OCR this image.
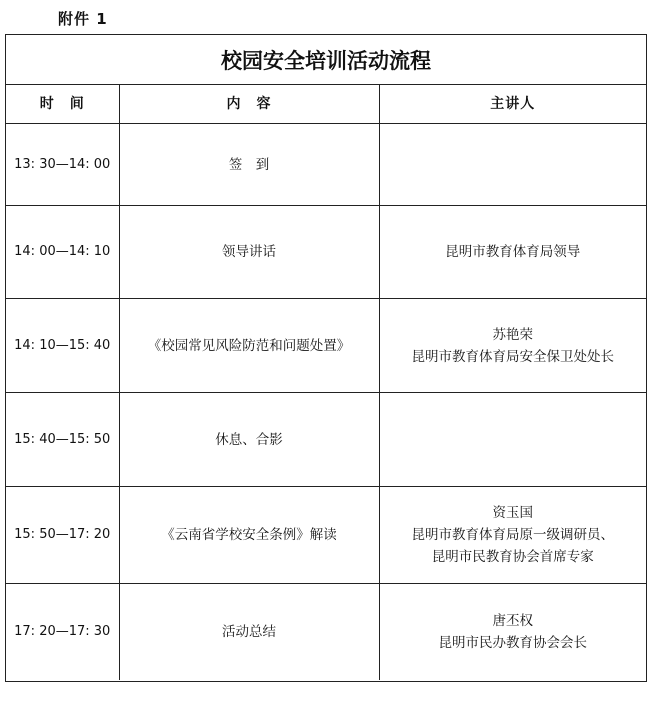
附件 1
校园安全培训活动流程
时　间	内　容	主讲人
13: 30—14: 00	签　到	
14: 00—14: 10	领导讲话	昆明市教育体育局领导

14: 10—15: 40	《校园常见风险防范和问题处置》	苏艳荣
昆明市教育体育局安全保卫处处长

15: 40—15: 50	休息、合影	
15: 50—17: 20	《云南省学校安全条例》解读	资玉国
昆明市教育体育局原一级调研员、
昆明市民教育协会首席专家

17: 20—17: 30	活动总结	唐丕权
昆明市民办教育协会会长
